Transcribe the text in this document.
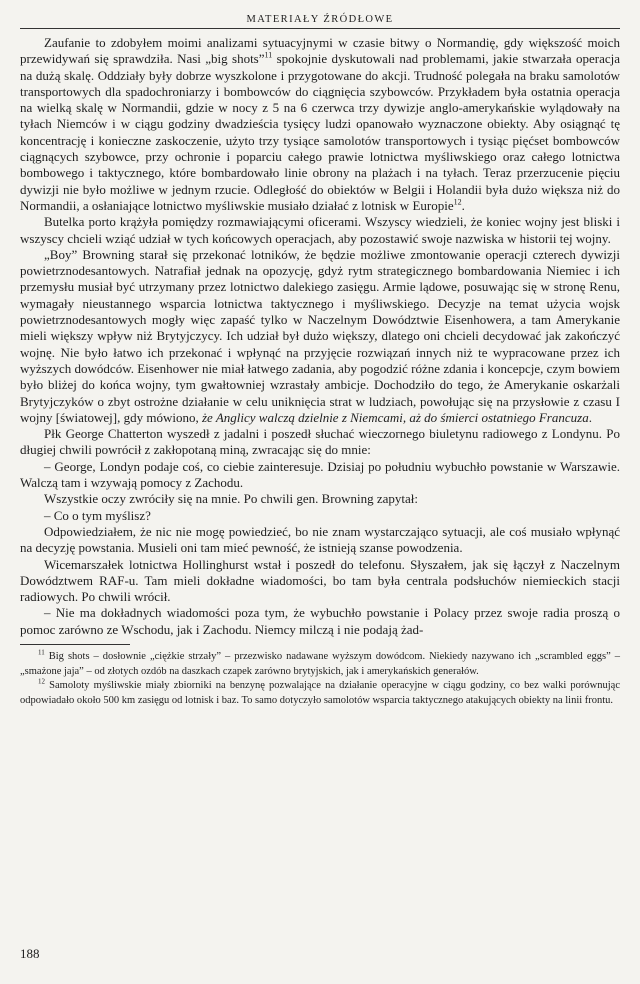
MATERIAŁY ŹRÓDŁOWE

Zaufanie to zdobyłem moimi analizami sytuacyjnymi w czasie bitwy o Normandię, gdy większość moich przewidywań się sprawdziła. Nasi „big shots”$^{11}$ spokojnie dyskutowali nad problemami, jakie stwarzała operacja na dużą skalę. Oddziały były dobrze wyszkolone i przygotowane do akcji. Trudność polegała na braku samolotów transportowych dla spadochroniarzy i bombowców do ciągnięcia szybowców. Przykładem była ostatnia operacja na wielką skalę w Normandii, gdzie w nocy z 5 na 6 czerwca trzy dywizje anglo-amerykańskie wylądowały na tyłach Niemców i w ciągu godziny dwadzieścia tysięcy ludzi opanowało wyznaczone obiekty. Aby osiągnąć tę koncentrację i konieczne zaskoczenie, użyto trzy tysiące samolotów transportowych i tysiąc pięćset bombowców ciągnących szybowce, przy ochronie i poparciu całego prawie lotnictwa myśliwskiego oraz całego lotnictwa bombowego i taktycznego, które bombardowało linie obrony na plażach i na tyłach. Teraz przerzucenie pięciu dywizji nie było możliwe w jednym rzucie. Odległość do obiektów w Belgii i Holandii była dużo większa niż do Normandii, a osłaniające lotnictwo myśliwskie musiało działać z lotnisk w Europie$^{12}$.

Butelka porto krążyła pomiędzy rozmawiającymi oficerami. Wszyscy wiedzieli, że koniec wojny jest bliski i wszyscy chcieli wziąć udział w tych końcowych operacjach, aby pozostawić swoje nazwiska w historii tej wojny.

„Boy” Browning starał się przekonać lotników, że będzie możliwe zmontowanie operacji czterech dywizji powietrznodesantowych. Natrafiał jednak na opozycję, gdyż rytm strategicznego bombardowania Niemiec i ich przemysłu musiał być utrzymany przez lotnictwo dalekiego zasięgu. Armie lądowe, posuwając się w stronę Renu, wymagały nieustannego wsparcia lotnictwa taktycznego i myśliwskiego. Decyzje na temat użycia wojsk powietrznodesantowych mogły więc zapaść tylko w Naczelnym Dowództwie Eisenhowera, a tam Amerykanie mieli większy wpływ niż Brytyjczycy. Ich udział był dużo większy, dlatego oni chcieli decydować jak zakończyć wojnę. Nie było łatwo ich przekonać i wpłynąć na przyjęcie rozwiązań innych niż te wypracowane przez ich wyższych dowódców. Eisenhower nie miał łatwego zadania, aby pogodzić różne zdania i koncepcje, czym bowiem było bliżej do końca wojny, tym gwałtowniej wzrastały ambicje. Dochodziło do tego, że Amerykanie oskarżali Brytyjczyków o zbyt ostrożne działanie w celu uniknięcia strat w ludziach, powołując się na przysłowie z czasu I wojny [światowej], gdy mówiono, że Anglicy walczą dzielnie z Niemcami, aż do śmierci ostatniego Francuza.

Płk George Chatterton wyszedł z jadalni i poszedł słuchać wieczornego biuletynu radiowego z Londynu. Po długiej chwili powrócił z zakłopotaną miną, zwracając się do mnie:

– George, Londyn podaje coś, co ciebie zainteresuje. Dzisiaj po południu wybuchło powstanie w Warszawie. Walczą tam i wzywają pomocy z Zachodu.

Wszystkie oczy zwróciły się na mnie. Po chwili gen. Browning zapytał:

– Co o tym myślisz?

Odpowiedziałem, że nic nie mogę powiedzieć, bo nie znam wystarczająco sytuacji, ale coś musiało wpłynąć na decyzję powstania. Musieli oni tam mieć pewność, że istnieją szanse powodzenia.

Wicemarszałek lotnictwa Hollinghurst wstał i poszedł do telefonu. Słyszałem, jak się łączył z Naczelnym Dowództwem RAF-u. Tam mieli dokładne wiadomości, bo tam była centrala podsłuchów niemieckich stacji radiowych. Po chwili wrócił.

– Nie ma dokładnych wiadomości poza tym, że wybuchło powstanie i Polacy przez swoje radia proszą o pomoc zarówno ze Wschodu, jak i Zachodu. Niemcy milczą i nie podają żad-

$^{11}$ Big shots – dosłownie „ciężkie strzały” – przezwisko nadawane wyższym dowódcom. Niekiedy nazywano ich „scrambled eggs” – „smażone jaja” – od złotych ozdób na daszkach czapek zarówno brytyjskich, jak i amerykańskich generałów.

$^{12}$ Samoloty myśliwskie miały zbiorniki na benzynę pozwalające na działanie operacyjne w ciągu godziny, co bez walki porównując odpowiadało około 500 km zasięgu od lotnisk i baz. To samo dotyczyło samolotów wsparcia taktycznego atakujących obiekty na linii frontu.

188
